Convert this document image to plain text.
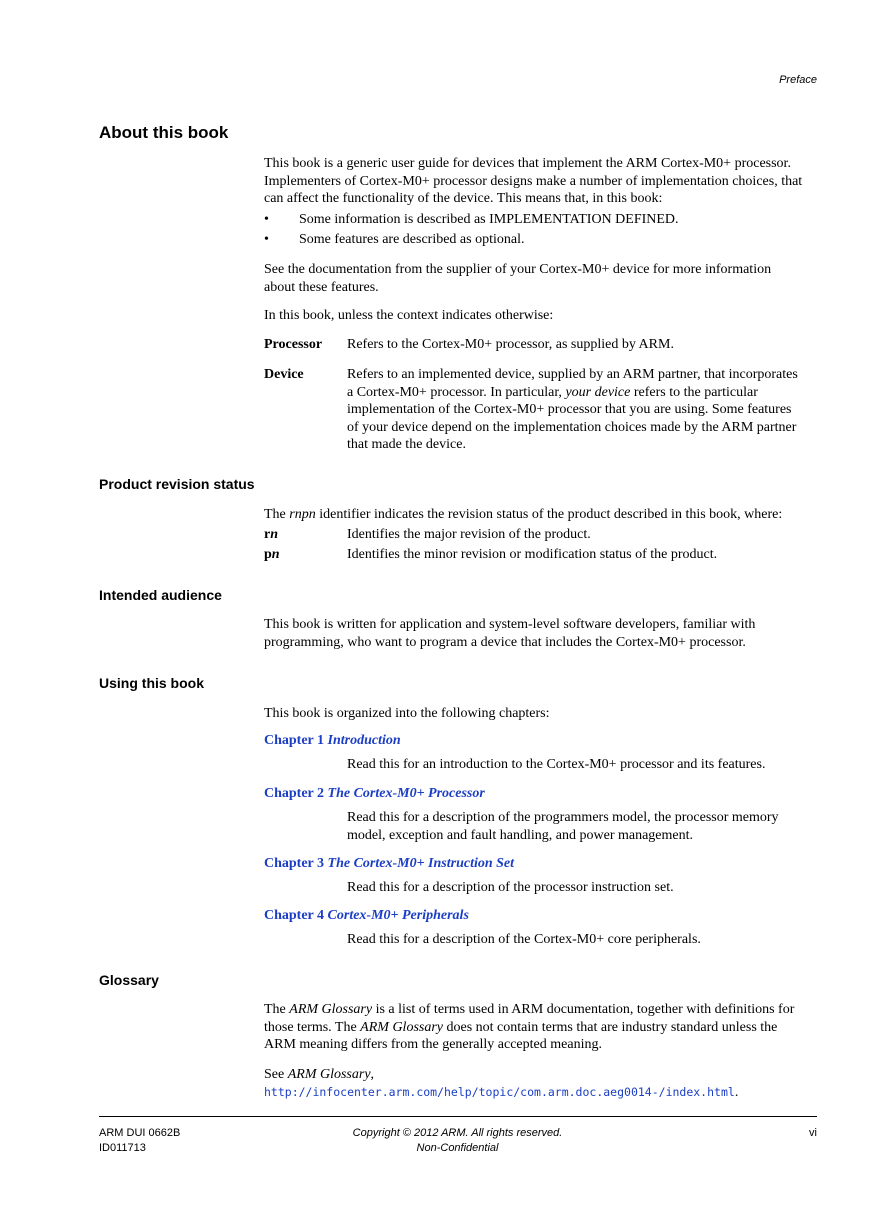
Preface
About this book

This book is a generic user guide for devices that implement the ARM Cortex-M0+ processor.

Implementers of Cortex-M0+ processor designs make a number of implementation choices, that

can affect the functionality of the device. This means that, in this book:

• Some information is described as IMPLEMENTATION DEFINED.
• Some features are described as optional.

See the documentation from the supplier of your Cortex-M0+ device for more information

about these features.

In this book, unless the context indicates otherwise:
Processor Refers to the Cortex-M0+ processor, as supplied by ARM.
Device	Refers to an implemented device, supplied by an ARM partner, that incorporates
a Cortex-M0+ processor. In particular, your device refers to the particular
implementation of the Cortex-M0+ processor that you are using. Some features
of your device depend on the implementation choices made by the ARM partner
that made the device.
Product revision status
The rnpn identifier indicates the revision status of the product described in this book, where:
rn	Identifies the major revision of the product.
pn	Identifies the minor revision or modification status of the product.
Intended audience

This book is written for application and system-level software developers, familiar with

programming, who want to program a device that includes the Cortex-M0+ processor.

Using this book
This book is organized into the following chapters:
Chapter 1 Introduction
Read this for an introduction to the Cortex-M0+ processor and its features.
Chapter 2 The Cortex-M0+ Processor
Read this for a description of the programmers model, the processor memory
model, exception and fault handling, and power management.
Chapter 3 The Cortex-M0+ Instruction Set
Read this for a description of the processor instruction set.
Chapter 4 Cortex-M0+ Peripherals
Read this for a description of the Cortex-M0+ core peripherals.
Glossary

The ARM Glossary is a list of terms used in ARM documentation, together with definitions for

those terms. The ARM Glossary does not contain terms that are industry standard unless the

ARM meaning differs from the generally accepted meaning.

See ARM Glossary, http://infocenter.arm.com/help/topic/com.arm.doc.aeg0014-/index.html.
ARM DUI 0662B
ID011713
Copyright © 2012 ARM. All rights reserved.
Non-Confidential
vi
